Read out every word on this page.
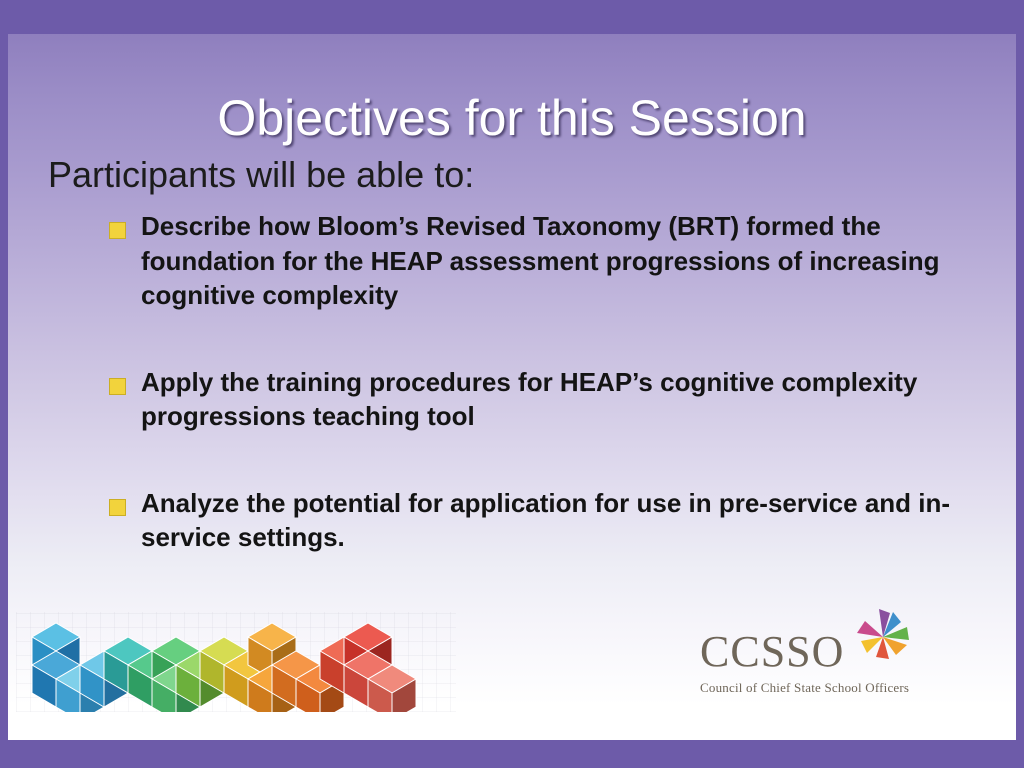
Objectives for this Session
Participants will be able to:
Describe how Bloom’s Revised Taxonomy (BRT) formed the foundation for the HEAP assessment progressions of increasing cognitive complexity
Apply the training procedures for HEAP’s cognitive complexity progressions teaching tool
Analyze the potential for application for use in pre-service and in-service settings.
CCSSO
Council of Chief State School Officers
